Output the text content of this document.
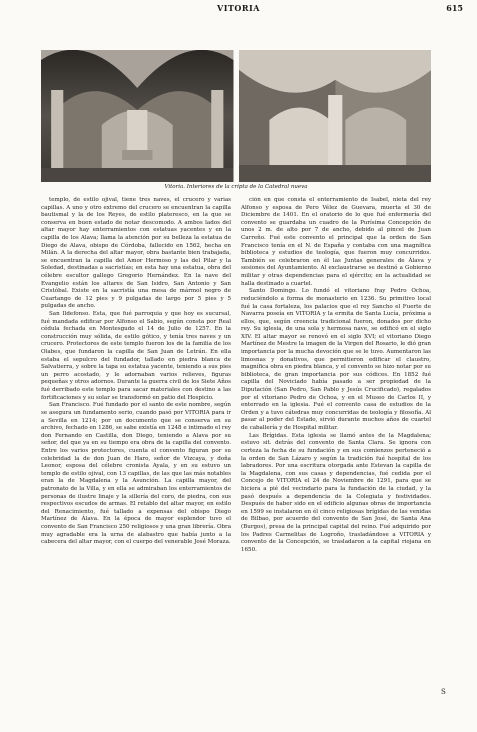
VITORIA	615
Vitoria. Interiores de la cripta de la Catedral nueva

templo, de estilo ojival, tiene tres naves, el crucero y varias capillas. A uno y otro extremo del crucero se encuentran la capilla bautismal y la de los Reyes, de estilo plateresco, en la que se conserva en buen estado de notar descomodo. A ambos lados del altar mayor hay enterramientos con estatuas yacentes y en la capilla de los Alava; llama la atención por su belleza la estatua de Diego de Alava, obispo de Córdoba, fallecido en 1562, hecha en Milán. A la derecha del altar mayor, obra bastante bien trabajada, se encuentran la capilla del Amor Hermoso y las del Pilar y la Soledad, destinadas a sacristías; en esta hay una estatua, obra del célebre escultor gallego Gregorio Hernández. En la nave del Evangelio están los altares de San Isidro, San Antonio y San Cristóbal. Existe en la sacristía una mesa de mármol negro de Cuartango de 12 pies y 9 pulgadas de largo por 5 pies y 5 pulgadas de ancho.

San Ildefonso. Esta, que fué parroquia y que hoy es sucursal, fué mandada edificar por Alfonso el Sabio, según consta por Real cédula fechada en Montesgudo el 14 de Julio de 1257. En la construcción muy sólida, de estilo gótico, y tenía tres naves y un crucero. Protectores de este templo fueron los de la familia de los Olabes, que fundaron la capilla de San Juan de Letrán. En ella estaba el sepulcro del fundador, tallado en piedra blanca de Salvatierra, y sobre la tapa su estatua yacente, teniendo a sus pies un perro acostado, y le adornaban varios relieves, figuras pequeñas y otros adornos. Durante la guerra civil de los Siete Años fué derribado este templo para sacar materiales con destino a las fortificaciones y su solar se transformó en patio del Hospicio.

San Francisco. Fué fundado por el santo de este nombre, según se asegura un fundamento serio, cuando pasó por VITORIA para ir a Sevilla en 1214; por un documento que se conserva en su archivo, fechado en 1286, se sabe existía en 1248 e intimado el rey don Fernando en Castilla, don Diego, teniendo a Alava por su señor, del que ya en su tiempo era obra de la capilla del convento. Entre los varios protectores, cuenta el convento figuran por su celebridad la de don Juan de Haro, señor de Vizcaya, y doña Leonor, esposa del célebre cronista Ayala, y en su estuvo un templo de estilo ojival, con 13 capillas, de las que las más notables eran la de Magdalena y la Asunción. La capilla mayor, del patronato de la Villa, y en ella se admiraban los enterramientos de personas de ilustre linaje y la sillería del coro, de piedra, con sus respectivos escudos de armas. El retablo del altar mayor, en estilo del Renacimiento, fué tallado a expensas del obispo Diego Martínez de Álava. En la época de mayor esplendor tuvo el convento de San Francisco 250 religiosos y una gran librería. Obra muy agradable era la urna de alabastro que había junto a la cabecera del altar mayor, con el cuerpo del venerable José Moraza.

ción en que consta el enterramiento de Isabel, nieta del rey Alfonso y esposa de Pero Vélez de Guevara, muerta el 30 de Diciembre de 1401. En el oratorio de lo que fué enfermería del convento se guardaba un cuadro de la Purísima Concepción de unos 2 m. de alto por 7 de ancho, debido al pincel de Juan Carreño. Fué este convento el principal que la orden de San Francisco tenía en el N. de España y contaba con una magnífica biblioteca y estudios de teología, que fueron muy concurridos. También se celebraron en él las Juntas generales de Álava y sesiones del Ayuntamiento. Al exclaustrarse se destinó a Gobierno militar y otras dependencias para el ejército; en la actualidad se halla destinado a cuartel.

Santo Domingo. Lo fundó el vitoriano fray Pedro Ochoa, reduciéndolo a forma de monasterio en 1236. Su primitivo local fué la casa fortaleza, los palacios que el rey Sancho el Fuerte de Navarra poseía en VITORIA y la ermita de Santa Lucía, próxima a ellos, que, según creencia tradicional fueron, donados por dicho rey. Su iglesia, de una sola y hermosa nave, se edificó en el siglo XIV. El altar mayor se renovó en el siglo XVI; el vitoriano Diego Martínez de Mestre la imagen de la Virgen del Rosario, le dió gran importancia por la mucha devoción que se le tuvo. Aumentaron las limosnas y donativos, que permitieron edificar el claustro, magnífica obra en piedra blanca, y el convento se hizo notar por su biblioteca, de gran importancia por sus códices. En 1852 fué capilla del Noviciado había pasado a ser propiedad de la Diputación (San Pedro, San Pablo y Jesús Crucificado), regalados por el vitoriano Pedro de Ochoa, y en el Museo de Carlos II, y enterrado en la iglesia. Fué el convento casa de estudios de la Orden y a tuvo cátedras muy concurridas de teología y filosofía. Al pasar al poder del Estado, sirvió durante muchos años de cuartel de caballería y de Hospital militar.

Las Brígidas. Esta iglesia se llamó antes de la Magdalena; estuvo sit. detrás del convento de Santa Clara. Se ignora con certeza la fecha de su fundación y en sus comienzos perteneció a la orden de San Lázaro y según la tradición fué hospital de los labradores. Por una escritura otorgada ante Estevan la capilla de la Magdalena, con sus casas y dependencias, fué cedida por el Concejo de VITORIA el 24 de Noviembre de 1291, para que se hiciera a pié del vecindario para la fundación de la ciudad, y la pasó después a dependencia de la Colegiata y festividades. Después de haber sido en el edificio algunas obras de importancia en 1599 se instalaron en él cinco religiosas brígidas de las venidas de Bilbao, por acuerdo del convento de San José, de Santa Ana (Burgos), presa de la principal capital del reino. Fué adquirido por los Padres Carmelitas de Logroño, trasladándose a VITORIA y convento de la Concepción, se trasladaron a la capital riojana en 1650.

S
